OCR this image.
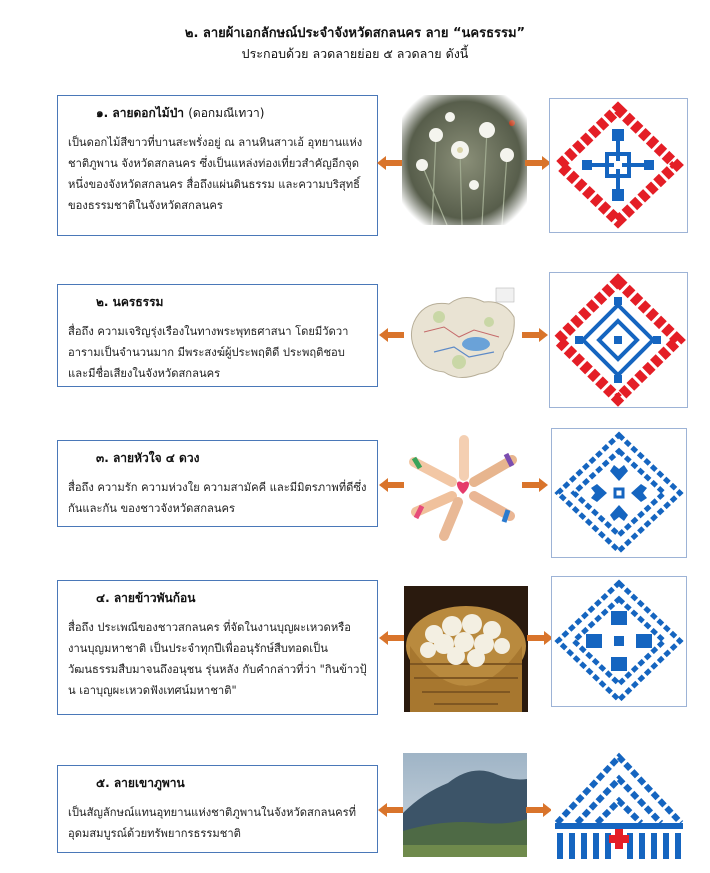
๒. ลายผ้าเอกลักษณ์ประจำจังหวัดสกลนคร ลาย “นครธรรม”
ประกอบด้วย ลวดลายย่อย ๕ ลวดลาย ดังนี้
๑. ลายดอกไม้ป่า (ดอกมณีเทวา)
เป็นดอกไม้สีขาวที่บานสะพรั่งอยู่ ณ ลานหินสาวเอ้ อุทยานแห่งชาติภูพาน จังหวัดสกลนคร ซึ่งเป็นแหล่งท่องเที่ยวสำคัญอีกจุดหนึ่งของจังหวัดสกลนคร สื่อถึงแผ่นดินธรรม และความบริสุทธิ์ของธรรมชาติในจังหวัดสกลนคร
๒. นครธรรม
สื่อถึง ความเจริญรุ่งเรืองในทางพระพุทธศาสนา โดยมีวัดวาอารามเป็นจำนวนมาก มีพระสงฆ์ผู้ประพฤติดี ประพฤติชอบ และมีชื่อเสียงในจังหวัดสกลนคร
๓. ลายหัวใจ ๔ ดวง
สื่อถึง ความรัก ความห่วงใย ความสามัคคี และมีมิตรภาพที่ดีซึ่งกันและกัน ของชาวจังหวัดสกลนคร
๔. ลายข้าวพันก้อน
สื่อถึง ประเพณีของชาวสกลนคร ที่จัดในงานบุญผะเหวดหรืองานบุญมหาชาติ เป็นประจำทุกปีเพื่ออนุรักษ์สืบทอดเป็นวัฒนธรรมสืบมาจนถึงอนุชน รุ่นหลัง กับคำกล่าวที่ว่า "กินข้าวปุ้น เอาบุญผะเหวดฟังเทศน์มหาชาติ"
๕. ลายเขาภูพาน
เป็นสัญลักษณ์แทนอุทยานแห่งชาติภูพานในจังหวัดสกลนครที่อุดมสมบูรณ์ด้วยทรัพยากรธรรมชาติ
